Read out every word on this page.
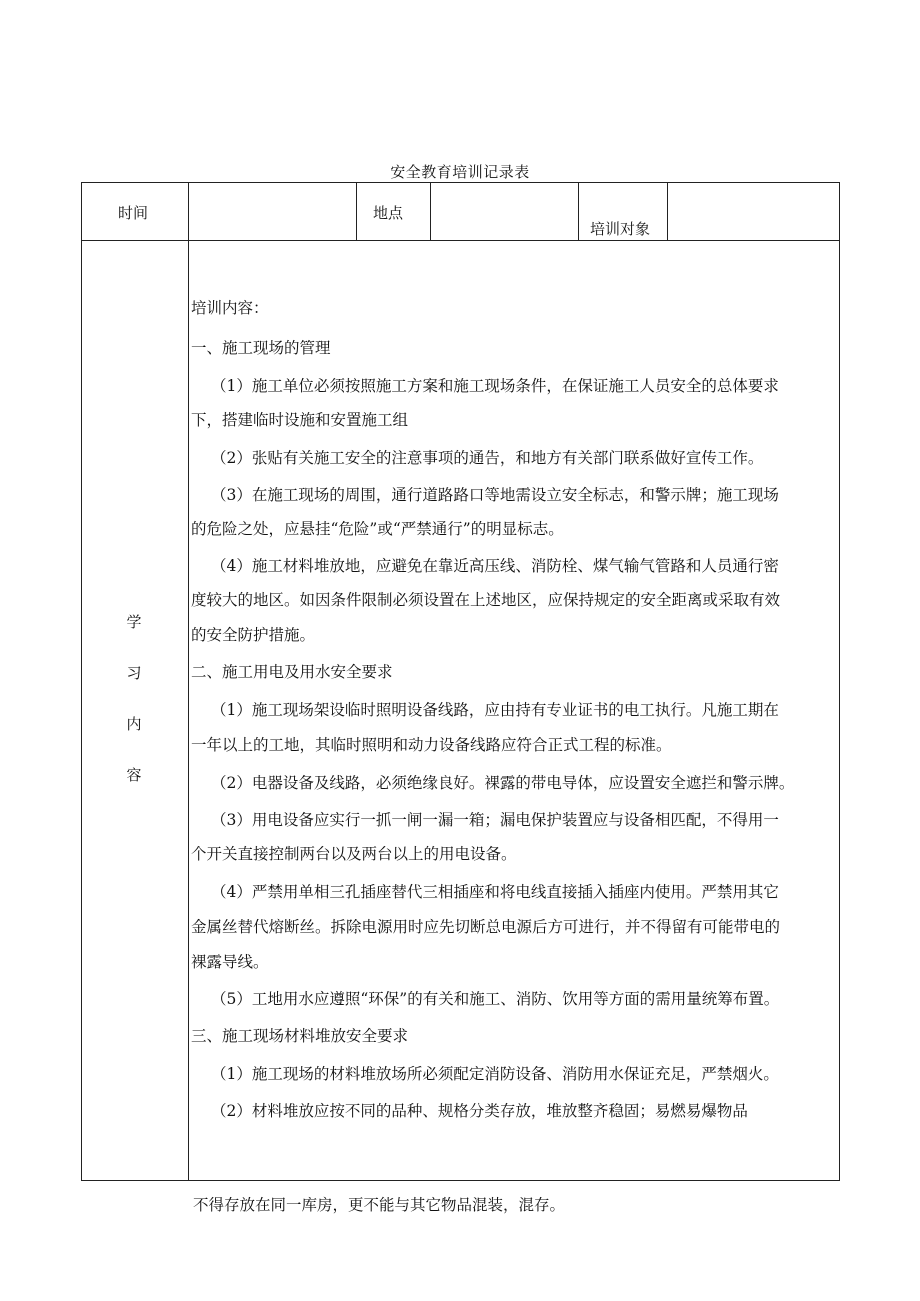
安全教育培训记录表
时间	地点
培训对象
学
习
内
容
培训内容：
一、施工现场的管理
（1）施工单位必须按照施工方案和施工现场条件，在保证施工人员安全的总体要求
下，搭建临时设施和安置施工组
（2）张贴有关施工安全的注意事项的通告，和地方有关部门联系做好宣传工作。
（3）在施工现场的周围，通行道路路口等地需设立安全标志，和警示牌；施工现场
的危险之处，应悬挂“危险”或“严禁通行”的明显标志。
（4）施工材料堆放地，应避免在靠近高压线、消防栓、煤气输气管路和人员通行密
度较大的地区。如因条件限制必须设置在上述地区，应保持规定的安全距离或采取有效
的安全防护措施。
二、施工用电及用水安全要求
（1）施工现场架设临时照明设备线路，应由持有专业证书的电工执行。凡施工期在
一年以上的工地，其临时照明和动力设备线路应符合正式工程的标准。
（2）电器设备及线路，必须绝缘良好。裸露的带电导体，应设置安全遮拦和警示牌。
（3）用电设备应实行一抓一闸一漏一箱；漏电保护装置应与设备相匹配，不得用一
个开关直接控制两台以及两台以上的用电设备。
（4）严禁用单相三孔插座替代三相插座和将电线直接插入插座内使用。严禁用其它
金属丝替代熔断丝。拆除电源用时应先切断总电源后方可进行，并不得留有可能带电的
裸露导线。
（5）工地用水应遵照“环保”的有关和施工、消防、饮用等方面的需用量统筹布置。
三、施工现场材料堆放安全要求
（1）施工现场的材料堆放场所必须配定消防设备、消防用水保证充足，严禁烟火。
（2）材料堆放应按不同的品种、规格分类存放，堆放整齐稳固；易燃易爆物品
不得存放在同一库房，更不能与其它物品混装，混存。
